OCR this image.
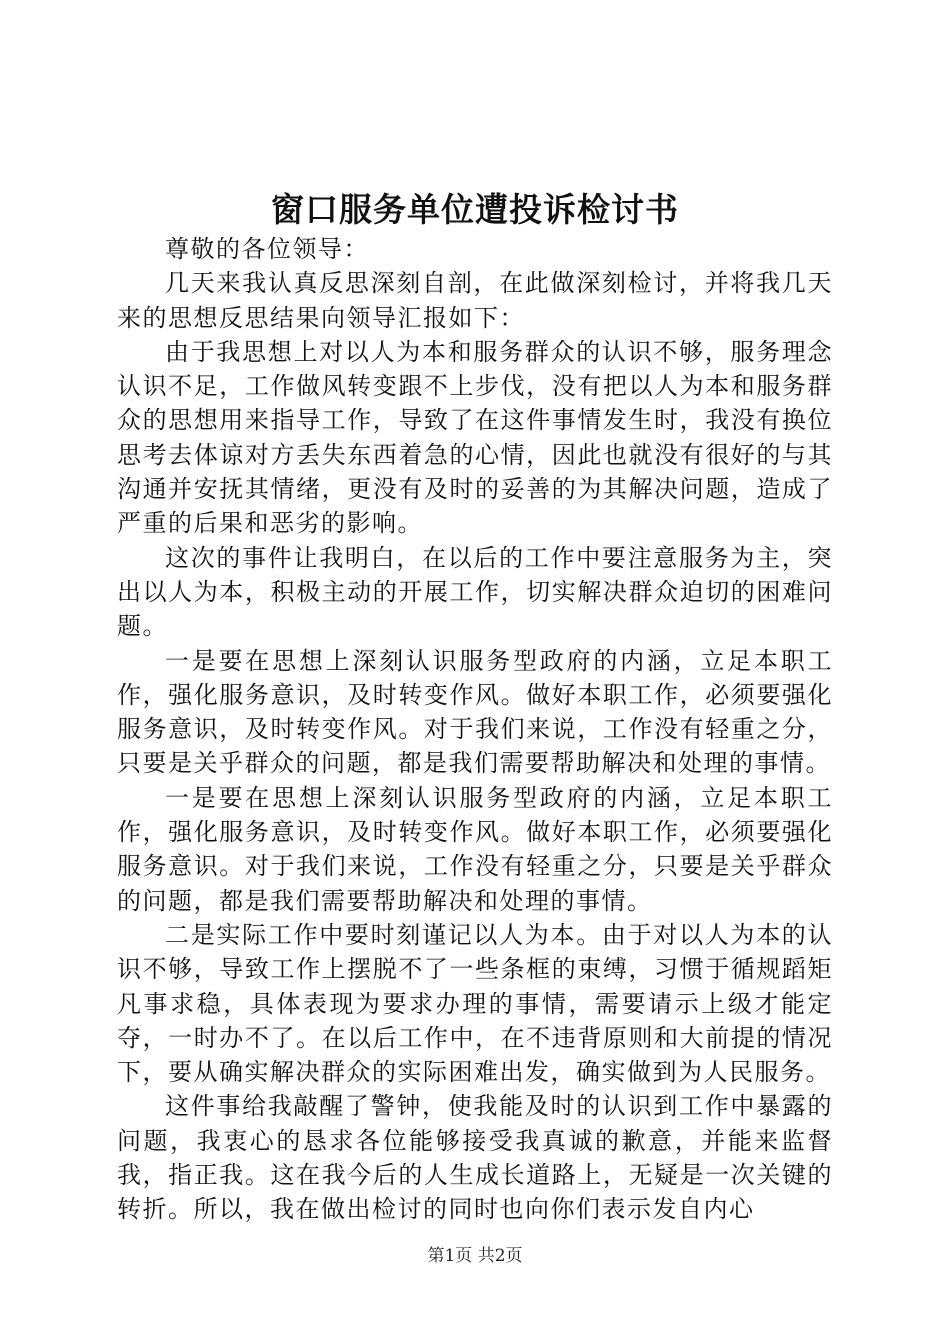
窗口服务单位遭投诉检讨书

尊敬的各位领导：

几天来我认真反思深刻自剖，在此做深刻检讨，并将我几天来的思想反思结果向领导汇报如下：

由于我思想上对以人为本和服务群众的认识不够，服务理念认识不足，工作做风转变跟不上步伐，没有把以人为本和服务群众的思想用来指导工作，导致了在这件事情发生时，我没有换位思考去体谅对方丢失东西着急的心情，因此也就没有很好的与其沟通并安抚其情绪，更没有及时的妥善的为其解决问题，造成了严重的后果和恶劣的影响。

这次的事件让我明白，在以后的工作中要注意服务为主，突出以人为本，积极主动的开展工作，切实解决群众迫切的困难问题。

一是要在思想上深刻认识服务型政府的内涵，立足本职工作，强化服务意识，及时转变作风。做好本职工作，必须要强化服务意识，及时转变作风。对于我们来说，工作没有轻重之分，只要是关乎群众的问题，都是我们需要帮助解决和处理的事情。

一是要在思想上深刻认识服务型政府的内涵，立足本职工作，强化服务意识，及时转变作风。做好本职工作，必须要强化服务意识。对于我们来说，工作没有轻重之分，只要是关乎群众的问题，都是我们需要帮助解决和处理的事情。

二是实际工作中要时刻谨记以人为本。由于对以人为本的认识不够，导致工作上摆脱不了一些条框的束缚，习惯于循规蹈矩凡事求稳，具体表现为要求办理的事情，需要请示上级才能定夺，一时办不了。在以后工作中，在不违背原则和大前提的情况下，要从确实解决群众的实际困难出发，确实做到为人民服务。

这件事给我敲醒了警钟，使我能及时的认识到工作中暴露的问题，我衷心的恳求各位能够接受我真诚的歉意，并能来监督我，指正我。这在我今后的人生成长道路上，无疑是一次关键的转折。所以，我在做出检讨的同时也向你们表示发自内心

第1页 共2页
